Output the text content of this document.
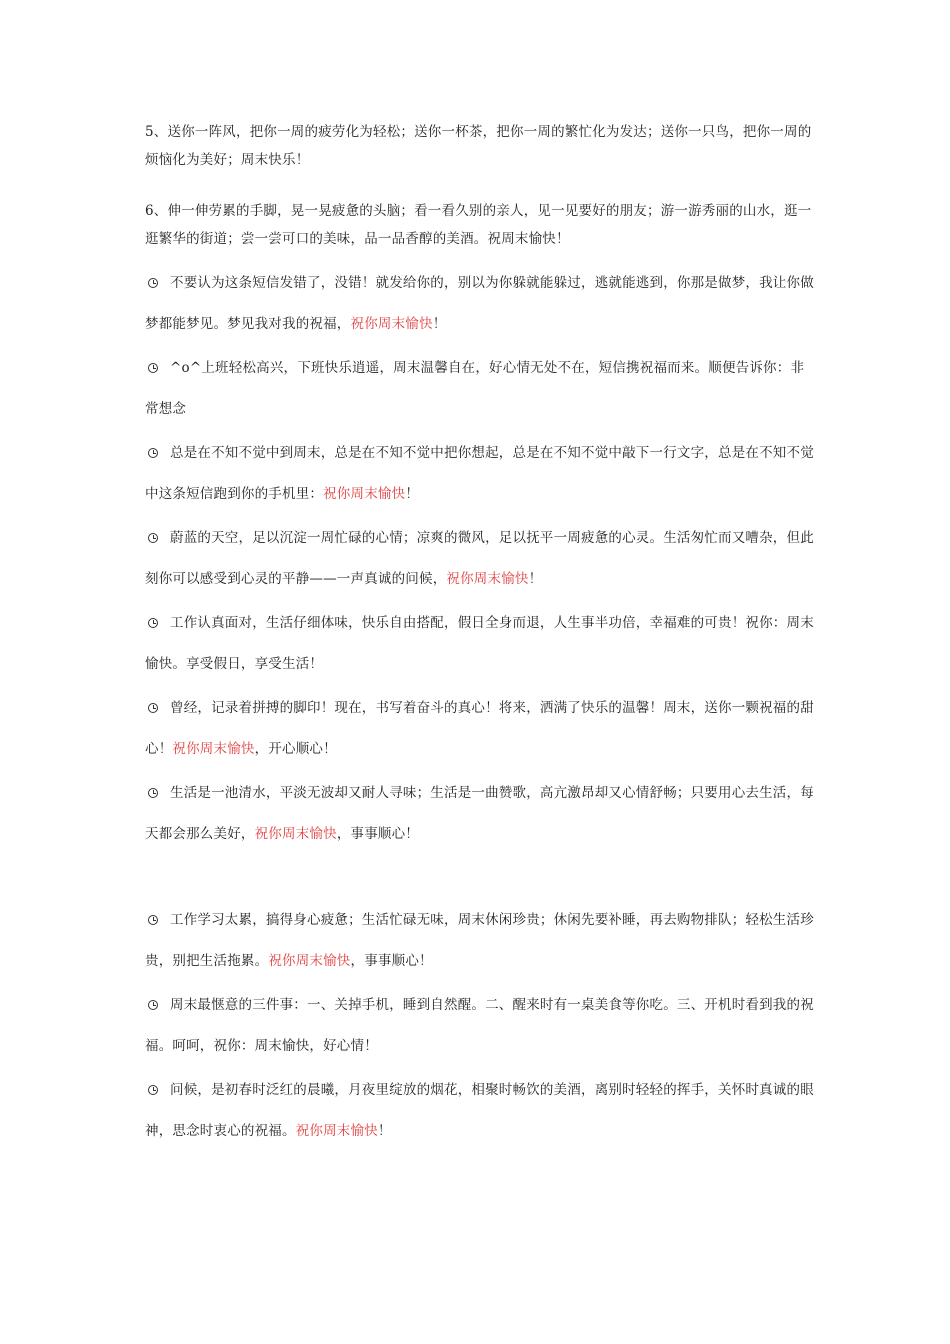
5、送你一阵风，把你一周的疲劳化为轻松；送你一杯茶，把你一周的繁忙化为发达；送你一只鸟，把你一周的烦恼化为美好；周末快乐！

6、伸一伸劳累的手脚，晃一晃疲惫的头脑；看一看久别的亲人，见一见要好的朋友；游一游秀丽的山水，逛一逛繁华的街道；尝一尝可口的美味，品一品香醇的美酒。祝周末愉快！

不要认为这条短信发错了，没错！就发给你的，别以为你躲就能躲过，逃就能逃到，你那是做梦，我让你做梦都能梦见。梦见我对我的祝福，祝你周末愉快！

^o^上班轻松高兴，下班快乐逍遥，周末温馨自在，好心情无处不在，短信携祝福而来。顺便告诉你：非常想念

总是在不知不觉中到周末，总是在不知不觉中把你想起，总是在不知不觉中敲下一行文字，总是在不知不觉中这条短信跑到你的手机里：祝你周末愉快！

蔚蓝的天空，足以沉淀一周忙碌的心情；凉爽的微风，足以抚平一周疲惫的心灵。生活匆忙而又嘈杂，但此刻你可以感受到心灵的平静——一声真诚的问候，祝你周末愉快！

工作认真面对，生活仔细体味，快乐自由搭配，假日全身而退，人生事半功倍，幸福难的可贵！祝你：周末愉快。享受假日，享受生活！

曾经，记录着拼搏的脚印！现在，书写着奋斗的真心！将来，洒满了快乐的温馨！周末，送你一颗祝福的甜心！祝你周末愉快，开心顺心！

生活是一池清水，平淡无波却又耐人寻味；生活是一曲赞歌，高亢激昂却又心情舒畅；只要用心去生活，每天都会那么美好，祝你周末愉快，事事顺心！

工作学习太累，搞得身心疲惫；生活忙碌无味，周末休闲珍贵；休闲先要补睡，再去购物排队；轻松生活珍贵，别把生活拖累。祝你周末愉快，事事顺心！

周末最惬意的三件事：一、关掉手机，睡到自然醒。二、醒来时有一桌美食等你吃。三、开机时看到我的祝福。呵呵，祝你：周末愉快，好心情！

问候，是初春时泛红的晨曦，月夜里绽放的烟花，相聚时畅饮的美酒，离别时轻轻的挥手，关怀时真诚的眼神，思念时衷心的祝福。祝你周末愉快！
